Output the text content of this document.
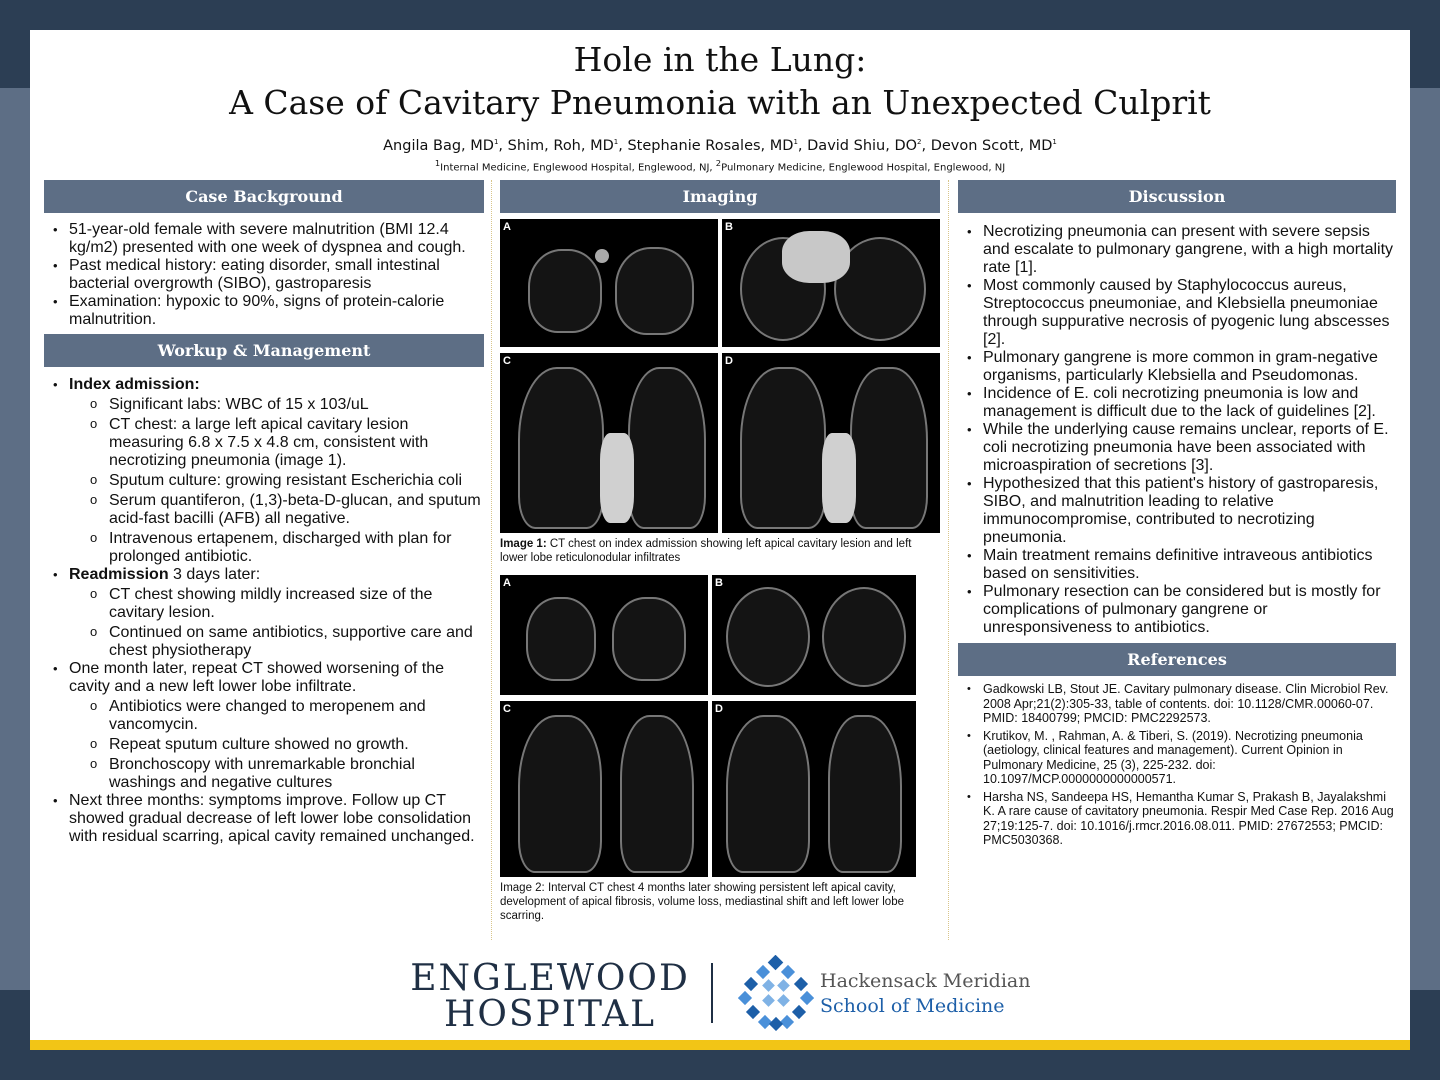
Hole in the Lung:
A Case of Cavitary Pneumonia with an Unexpected Culprit
Angila Bag, $MD^1$, Shim, Roh, $MD^1$, Stephanie Rosales, $MD^1$, David Shiu, $DO^2$, Devon Scott, $MD^1$
$^1$Internal Medicine, Englewood Hospital, Englewood, NJ, $^2$Pulmonary Medicine, Englewood Hospital, Englewood, NJ
Case Background
• 51-year-old female with severe malnutrition (BMI 12.4 kg/m2) presented with one week of dyspnea and cough.
• Past medical history: eating disorder, small intestinal bacterial overgrowth (SIBO), gastroparesis
• Examination: hypoxic to 90%, signs of protein-calorie malnutrition.
Workup & Management
• Index admission:
o Significant labs: WBC of 15 x 103/uL
o CT chest: a large left apical cavitary lesion measuring 6.8 x 7.5 x 4.8 cm, consistent with necrotizing pneumonia (image 1).
o Sputum culture: growing resistant Escherichia coli
o Serum quantiferon, (1,3)-beta-D-glucan, and sputum acid-fast bacilli (AFB) all negative.
o Intravenous ertapenem, discharged with plan for prolonged antibiotic.
• Readmission 3 days later:
o CT chest showing mildly increased size of the cavitary lesion.
o Continued on same antibiotics, supportive care and chest physiotherapy
• One month later, repeat CT showed worsening of the cavity and a new left lower lobe infiltrate.
o Antibiotics were changed to meropenem and vancomycin.
o Repeat sputum culture showed no growth.
o Bronchoscopy with unremarkable bronchial washings and negative cultures
• Next three months: symptoms improve. Follow up CT showed gradual decrease of left lower lobe consolidation with residual scarring, apical cavity remained unchanged.
Imaging
A	B
C	D
Image 1: CT chest on index admission showing left apical cavitary lesion and left lower lobe reticulonodular infiltrates
A	B
C	D
Image 2: Interval CT chest 4 months later showing persistent left apical cavity, development of apical fibrosis, volume loss, mediastinal shift and left lower lobe scarring.
Discussion
• Necrotizing pneumonia can present with severe sepsis and escalate to pulmonary gangrene, with a high mortality rate [1].
• Most commonly caused by Staphylococcus aureus, Streptococcus pneumoniae, and Klebsiella pneumoniae through suppurative necrosis of pyogenic lung abscesses [2].
• Pulmonary gangrene is more common in gram-negative organisms, particularly Klebsiella and Pseudomonas.
• Incidence of E. coli necrotizing pneumonia is low and management is difficult due to the lack of guidelines [2].
• While the underlying cause remains unclear, reports of E. coli necrotizing pneumonia have been associated with microaspiration of secretions [3].
• Hypothesized that this patient's history of gastroparesis, SIBO, and malnutrition leading to relative immunocompromise, contributed to necrotizing pneumonia.
• Main treatment remains definitive intraveous antibiotics based on sensitivities.
• Pulmonary resection can be considered but is mostly for complications of pulmonary gangrene or unresponsiveness to antibiotics.
References
• Gadkowski LB, Stout JE. Cavitary pulmonary disease. Clin Microbiol Rev. 2008 Apr;21(2):305-33, table of contents. doi: 10.1128/CMR.00060-07. PMID: 18400799; PMCID: PMC2292573.
• Krutikov, M. , Rahman, A. & Tiberi, S. (2019). Necrotizing pneumonia (aetiology, clinical features and management). Current Opinion in Pulmonary Medicine, 25 (3), 225-232. doi: 10.1097/MCP.0000000000000571.
• Harsha NS, Sandeepa HS, Hemantha Kumar S, Prakash B, Jayalakshmi K. A rare cause of cavitatory pneumonia. Respir Med Case Rep. 2016 Aug 27;19:125-7. doi: 10.1016/j.rmcr.2016.08.011. PMID: 27672553; PMCID: PMC5030368.
ENGLEWOOD
HOSPITAL
Hackensack Meridian
School of Medicine
